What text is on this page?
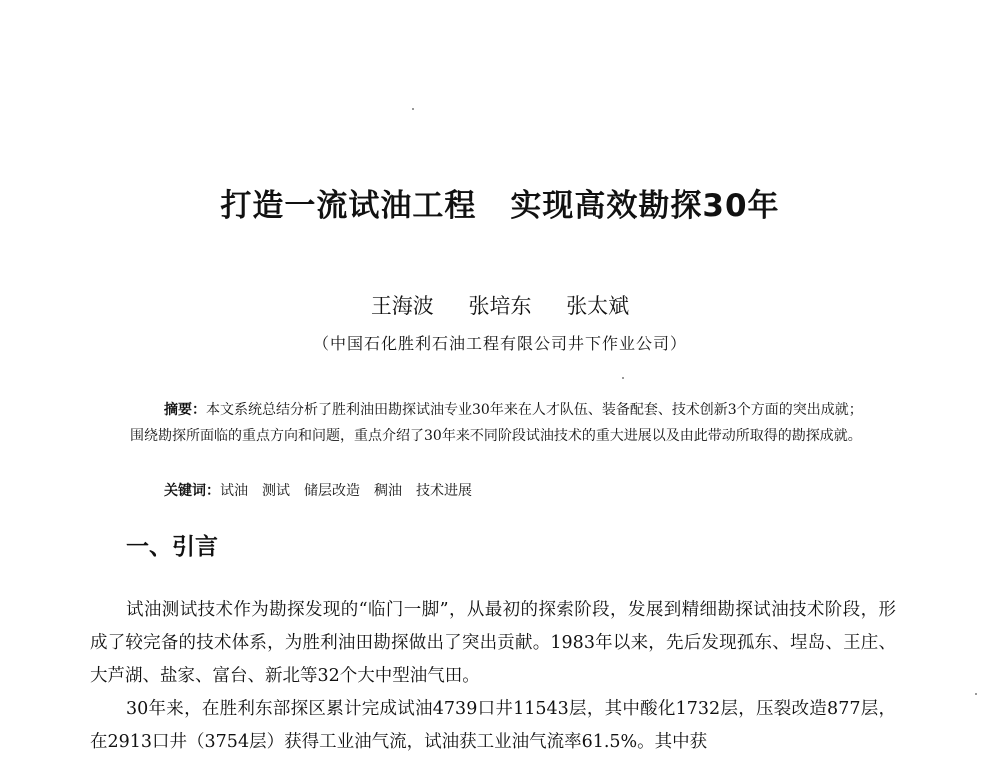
打造一流试油工程 实现高效勘探30年
王海波 张培东 张太斌
（中国石化胜利石油工程有限公司井下作业公司）
摘要：本文系统总结分析了胜利油田勘探试油专业30年来在人才队伍、装备配套、技术创新3个方面的突出成就；围绕勘探所面临的重点方向和问题，重点介绍了30年来不同阶段试油技术的重大进展以及由此带动所取得的勘探成就。
关键词：试油 测试 储层改造 稠油 技术进展
一、引言

试油测试技术作为勘探发现的“临门一脚”，从最初的探索阶段，发展到精细勘探试油技术阶段，形成了较完备的技术体系，为胜利油田勘探做出了突出贡献。1983年以来，先后发现孤东、埕岛、王庄、大芦湖、盐家、富台、新北等32个大中型油气田。

30年来，在胜利东部探区累计完成试油4739口井11543层，其中酸化1732层，压裂改造877层，在2913口井（3754层）获得工业油气流，试油获工业油气流率61.5%。其中获
